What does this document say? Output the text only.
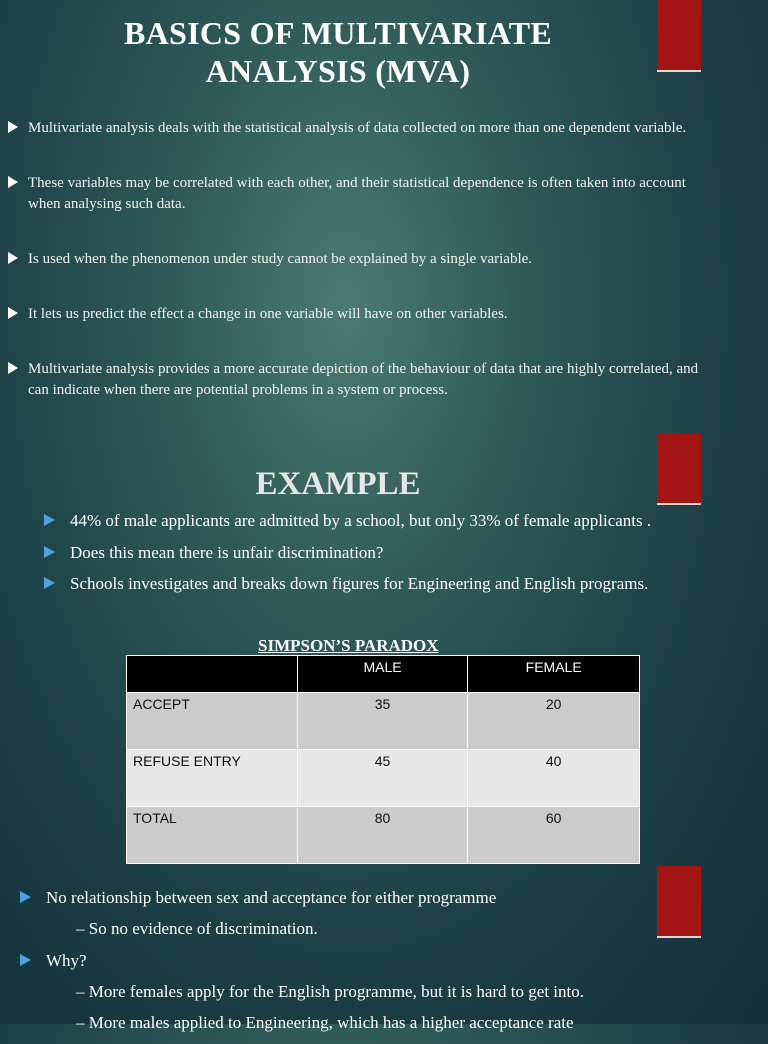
BASICS OF MULTIVARIATE
ANALYSIS (MVA)
Multivariate analysis deals with the statistical analysis of data collected on more than one dependent variable.
These variables may be correlated with each other, and their statistical dependence is often taken into account when analysing such data.
Is used when the phenomenon under study cannot be explained by a single variable.
It lets us predict the effect a change in one variable will have on other variables.
Multivariate analysis provides a more accurate depiction of the behaviour of data that are highly correlated, and can indicate when there are potential problems in a system or process.
EXAMPLE
44% of male applicants are admitted by a school, but only 33% of female applicants .
Does this mean there is unfair discrimination?
Schools investigates and breaks down figures for Engineering and English programs.
SIMPSON’S PARADOX
	MALE	FEMALE
ACCEPT	35	20
REFUSE ENTRY	45	40
TOTAL	80	60
No relationship between sex and acceptance for either programme
– So no evidence of discrimination.
Why?
– More females apply for the English programme, but it is hard to get into.
– More males applied to Engineering, which has a higher acceptance rate
